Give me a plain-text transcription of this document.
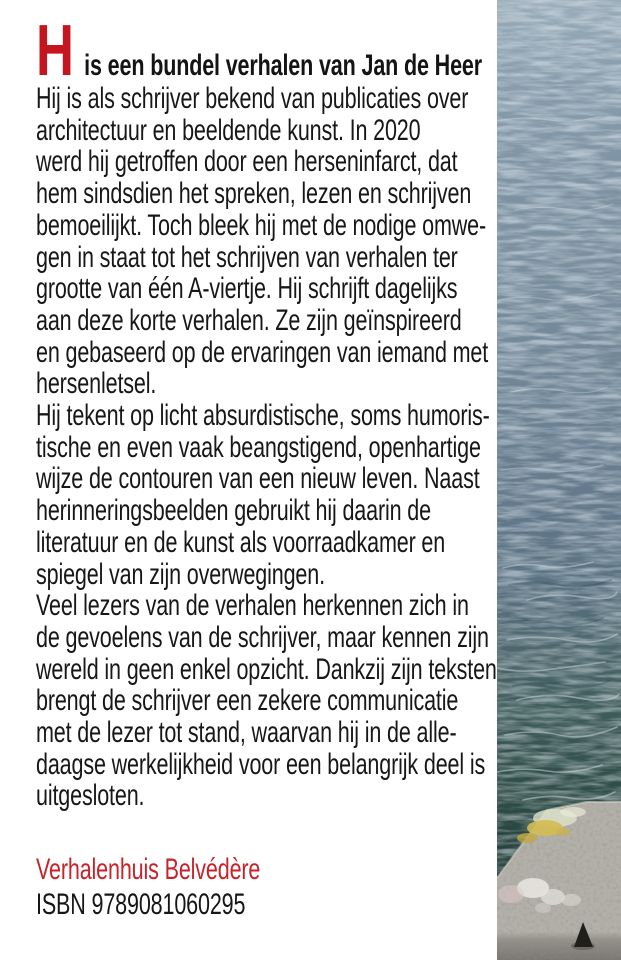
His een bundel verhalen van Jan de Heer
Hij is als schrijver bekend van publicaties over
architectuur en beeldende kunst. In 2020
werd hij getroffen door een herseninfarct, dat
hem sindsdien het spreken, lezen en schrijven
bemoeilijkt. Toch bleek hij met de nodige omwe-
gen in staat tot het schrijven van verhalen ter
grootte van één A-viertje. Hij schrijft dagelijks
aan deze korte verhalen. Ze zijn geïnspireerd
en gebaseerd op de ervaringen van iemand met
hersenletsel.
Hij tekent op licht absurdistische, soms humoris-
tische en even vaak beangstigend, openhartige
wijze de contouren van een nieuw leven. Naast
herinneringsbeelden gebruikt hij daarin de
literatuur en de kunst als voorraadkamer en
spiegel van zijn overwegingen.
Veel lezers van de verhalen herkennen zich in
de gevoelens van de schrijver, maar kennen zijn
wereld in geen enkel opzicht. Dankzij zijn teksten
brengt de schrijver een zekere communicatie
met de lezer tot stand, waarvan hij in de alle-
daagse werkelijkheid voor een belangrijk deel is
uitgesloten.
Verhalenhuis Belvédère
ISBN 9789081060295
